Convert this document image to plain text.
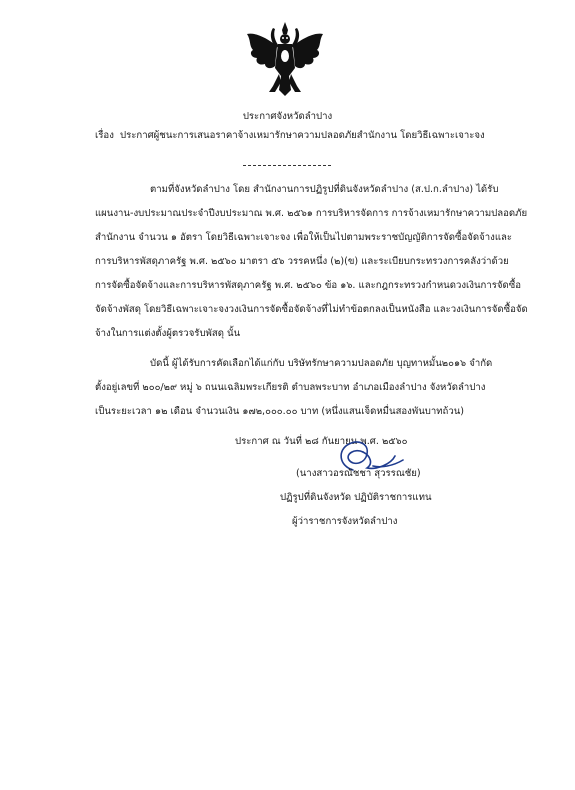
ประกาศจังหวัดลำปาง
เรื่อง ประกาศผู้ชนะการเสนอราคาจ้างเหมารักษาความปลอดภัยสำนักงาน โดยวิธีเฉพาะเจาะจง
ตามที่จังหวัดลำปาง โดย สำนักงานการปฏิรูปที่ดินจังหวัดลำปาง (ส.ป.ก.ลำปาง) ได้รับ
แผนงาน-งบประมาณประจำปีงบประมาณ พ.ศ. ๒๕๖๑ การบริหารจัดการ การจ้างเหมารักษาความปลอดภัย
สำนักงาน จำนวน ๑ อัตรา โดยวิธีเฉพาะเจาะจง เพื่อให้เป็นไปตามพระราชบัญญัติการจัดซื้อจัดจ้างและ
การบริหารพัสดุภาครัฐ พ.ศ. ๒๕๖๐ มาตรา ๕๖ วรรคหนึ่ง (๒)(ข) และระเบียบกระทรวงการคลังว่าด้วย
การจัดซื้อจัดจ้างและการบริหารพัสดุภาครัฐ พ.ศ. ๒๕๖๐ ข้อ ๑๖. และกฎกระทรวงกำหนดวงเงินการจัดซื้อ
จัดจ้างพัสดุ โดยวิธีเฉพาะเจาะจงวงเงินการจัดซื้อจัดจ้างที่ไม่ทำข้อตกลงเป็นหนังสือ และวงเงินการจัดซื้อจัด
จ้างในการแต่งตั้งผู้ตรวจรับพัสดุ นั้น
บัดนี้ ผู้ได้รับการคัดเลือกได้แก่กับ บริษัทรักษาความปลอดภัย บุญทาหมั้น๒๐๑๖ จำกัด
ตั้งอยู่เลขที่ ๒๐๐/๒๙ หมู่ ๖ ถนนเฉลิมพระเกียรติ ตำบลพระบาท อำเภอเมืองลำปาง จังหวัดลำปาง
เป็นระยะเวลา ๑๒ เดือน จำนวนเงิน ๑๗๒,๐๐๐.๐๐ บาท (หนึ่งแสนเจ็ดหมื่นสองพันบาทถ้วน)
ประกาศ ณ วันที่ ๒๘ กันยายน พ.ศ. ๒๕๖๐
(นางสาวอรณัชชา สุวรรณชัย)
ปฏิรูปที่ดินจังหวัด ปฏิบัติราชการแทน
ผู้ว่าราชการจังหวัดลำปาง
